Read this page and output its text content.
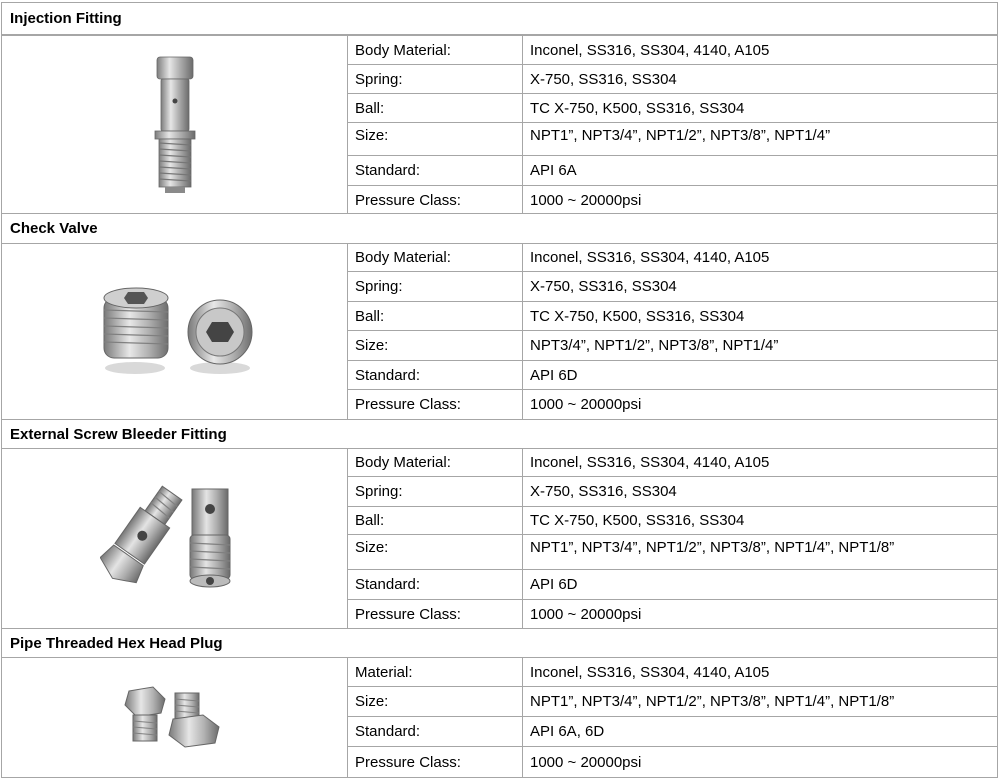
Injection Fitting
Body Material:	Inconel, SS316, SS304, 4140, A105
Spring:	X-750, SS316, SS304
Ball:	TC X-750, K500, SS316, SS304
Size:	NPT1”, NPT3/4”, NPT1/2”, NPT3/8”, NPT1/4”
Standard:	API 6A
Pressure Class:	1000 ~ 20000psi
Check Valve
Body Material:	Inconel, SS316, SS304, 4140, A105
Spring:	X-750, SS316, SS304
Ball:	TC X-750, K500, SS316, SS304
Size:	NPT3/4”, NPT1/2”, NPT3/8”, NPT1/4”
Standard:	API 6D
Pressure Class:	1000 ~ 20000psi
External Screw Bleeder Fitting
Body Material:	Inconel, SS316, SS304, 4140, A105
Spring:	X-750, SS316, SS304
Ball:	TC X-750, K500, SS316, SS304
Size:	NPT1”, NPT3/4”, NPT1/2”, NPT3/8”, NPT1/4”, NPT1/8”
Standard:	API 6D
Pressure Class:	1000 ~ 20000psi
Pipe Threaded Hex Head Plug
Material:	Inconel, SS316, SS304, 4140, A105
Size:	NPT1”, NPT3/4”, NPT1/2”, NPT3/8”, NPT1/4”, NPT1/8”
Standard:	API 6A, 6D
Pressure Class:	1000 ~ 20000psi
